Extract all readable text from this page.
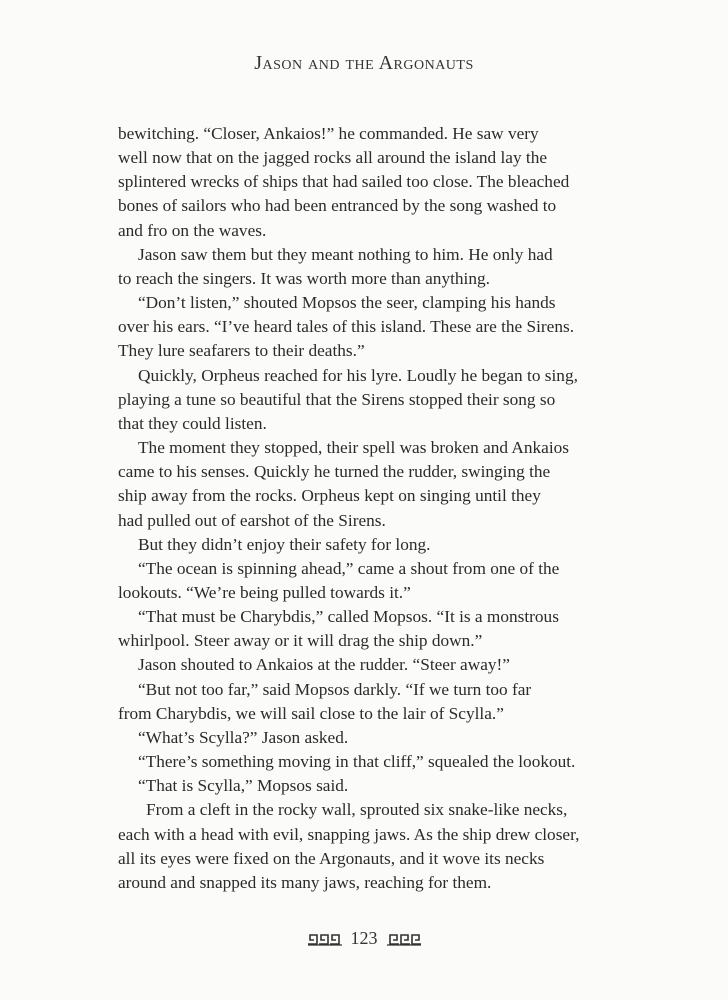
Jason and the Argonauts
bewitching. “Closer, Ankaios!” he commanded. He saw very
well now that on the jagged rocks all around the island lay the
splintered wrecks of ships that had sailed too close. The bleached
bones of sailors who had been entranced by the song washed to
and fro on the waves.
Jason saw them but they meant nothing to him. He only had
to reach the singers. It was worth more than anything.
“Don’t listen,” shouted Mopsos the seer, clamping his hands
over his ears. “I’ve heard tales of this island. These are the Sirens.
They lure seafarers to their deaths.”
Quickly, Orpheus reached for his lyre. Loudly he began to sing,
playing a tune so beautiful that the Sirens stopped their song so
that they could listen.
The moment they stopped, their spell was broken and Ankaios
came to his senses. Quickly he turned the rudder, swinging the
ship away from the rocks. Orpheus kept on singing until they
had pulled out of earshot of the Sirens.
But they didn’t enjoy their safety for long.
“The ocean is spinning ahead,” came a shout from one of the
lookouts. “We’re being pulled towards it.”
“That must be Charybdis,” called Mopsos. “It is a monstrous
whirlpool. Steer away or it will drag the ship down.”
Jason shouted to Ankaios at the rudder. “Steer away!”
“But not too far,” said Mopsos darkly. “If we turn too far
from Charybdis, we will sail close to the lair of Scylla.”
“What’s Scylla?” Jason asked.
“There’s something moving in that cliff,” squealed the lookout.
“That is Scylla,” Mopsos said.
From a cleft in the rocky wall, sprouted six snake-like necks,
each with a head with evil, snapping jaws. As the ship drew closer,
all its eyes were fixed on the Argonauts, and it wove its necks
around and snapped its many jaws, reaching for them.
123
